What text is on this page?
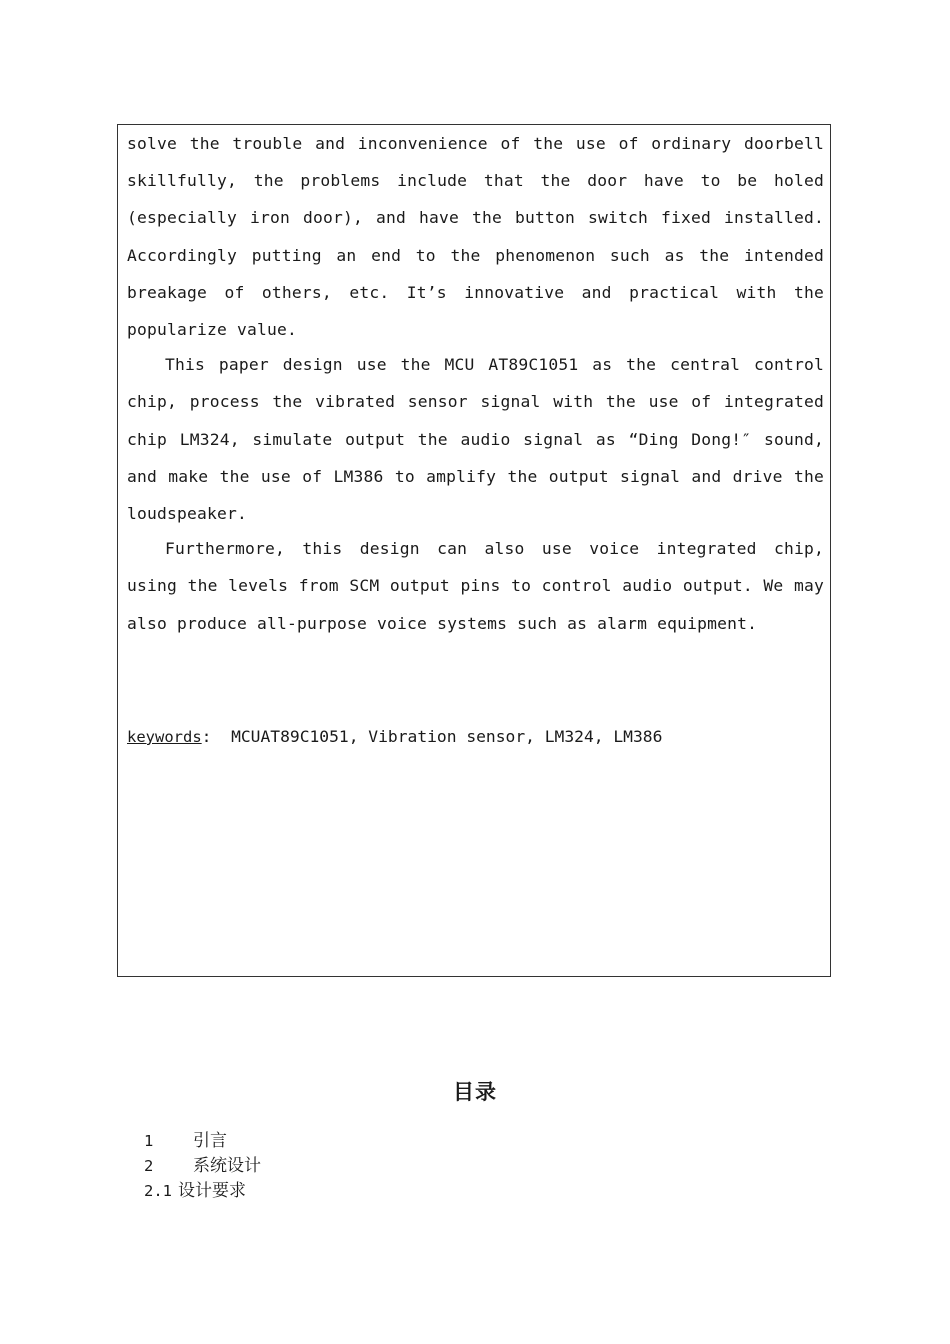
solve the trouble and inconvenience of the use of ordinary doorbell skillfully, the problems include that the door have to be holed (especially iron door), and have the button switch fixed installed. Accordingly putting an end to the phenomenon such as the intended breakage of others, etc. It’s innovative and practical with the popularize value.

This paper design use the MCU AT89C1051 as the central control chip, process the vibrated sensor signal with the use of integrated chip LM324, simulate output the audio signal as “Ding Dong!″ sound, and make the use of LM386 to amplify the output signal and drive the loudspeaker.

Furthermore, this design can also use voice integrated chip, using the levels from SCM output pins to control audio output. We may also produce all-purpose voice systems such as alarm equipment.

keywords: MCUAT89C1051, Vibration sensor, LM324, LM386
目录
1 引言
2 系统设计
2.1 设计要求
